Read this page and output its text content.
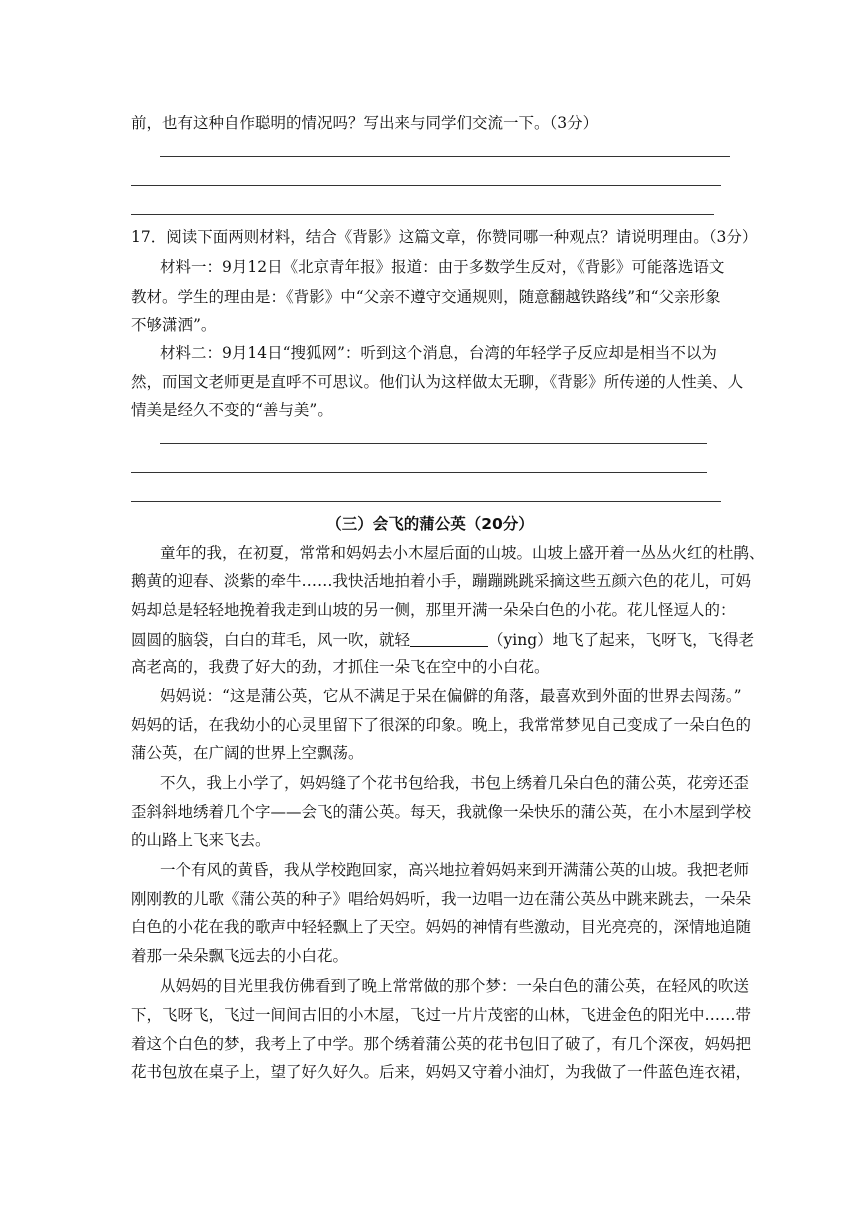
前，也有这种自作聪明的情况吗？写出来与同学们交流一下。（3分）
17．阅读下面两则材料，结合《背影》这篇文章，你赞同哪一种观点？请说明理由。（3分）
材料一：9月12日《北京青年报》报道：由于多数学生反对，《背影》可能落选语文
教材。学生的理由是：《背影》中“父亲不遵守交通规则，随意翻越铁路线”和“父亲形象
不够潇洒”。
材料二：9月14日“搜狐网”：听到这个消息，台湾的年轻学子反应却是相当不以为
然，而国文老师更是直呼不可思议。他们认为这样做太无聊，《背影》所传递的人性美、人
情美是经久不变的“善与美”。
（三）会飞的蒲公英（20分）
童年的我，在初夏，常常和妈妈去小木屋后面的山坡。山坡上盛开着一丛丛火红的杜鹃、
鹅黄的迎春、淡紫的牵牛……我快活地拍着小手，蹦蹦跳跳采摘这些五颜六色的花儿，可妈
妈却总是轻轻地挽着我走到山坡的另一侧，那里开满一朵朵白色的小花。花儿怪逗人的：
圆圆的脑袋，白白的茸毛，风一吹，就轻	（ying）地飞了起来，飞呀飞，飞得老
高老高的，我费了好大的劲，才抓住一朵飞在空中的小白花。
妈妈说：“这是蒲公英，它从不满足于呆在偏僻的角落，最喜欢到外面的世界去闯荡。”
妈妈的话，在我幼小的心灵里留下了很深的印象。晚上，我常常梦见自己变成了一朵白色的
蒲公英，在广阔的世界上空飘荡。
不久，我上小学了，妈妈缝了个花书包给我，书包上绣着几朵白色的蒲公英，花旁还歪
歪斜斜地绣着几个字——会飞的蒲公英。每天，我就像一朵快乐的蒲公英，在小木屋到学校
的山路上飞来飞去。
一个有风的黄昏，我从学校跑回家，高兴地拉着妈妈来到开满蒲公英的山坡。我把老师
刚刚教的儿歌《蒲公英的种子》唱给妈妈听，我一边唱一边在蒲公英丛中跳来跳去，一朵朵
白色的小花在我的歌声中轻轻飘上了天空。妈妈的神情有些激动，目光亮亮的，深情地追随
着那一朵朵飘飞远去的小白花。
从妈妈的目光里我仿佛看到了晚上常常做的那个梦：一朵白色的蒲公英，在轻风的吹送
下，飞呀飞，飞过一间间古旧的小木屋，飞过一片片茂密的山林，飞进金色的阳光中……带
着这个白色的梦，我考上了中学。那个绣着蒲公英的花书包旧了破了，有几个深夜，妈妈把
花书包放在桌子上，望了好久好久。后来，妈妈又守着小油灯，为我做了一件蓝色连衣裙，
